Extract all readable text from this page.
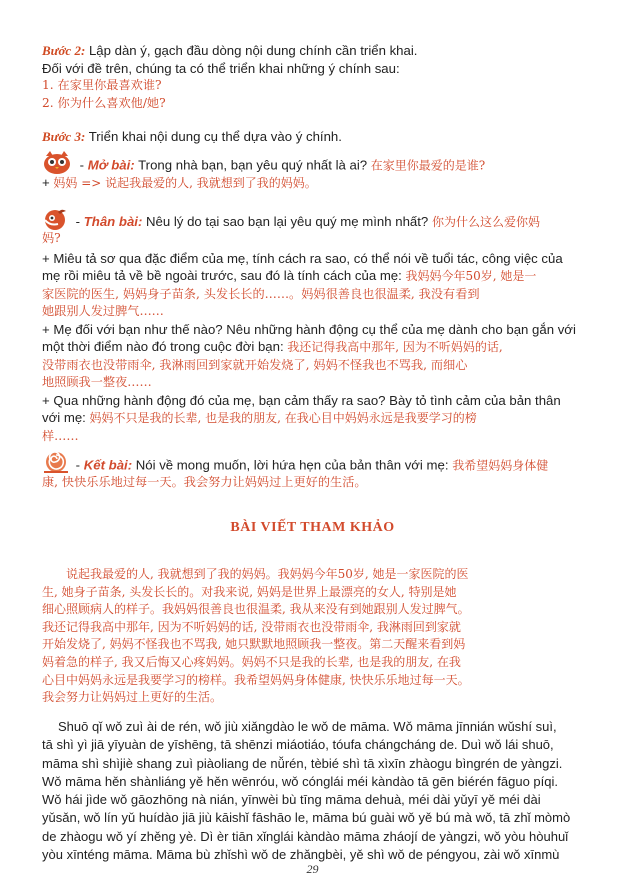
Bước 2: Lập dàn ý, gạch đầu dòng nội dung chính cần triển khai.
Đối với đề trên, chúng ta có thể triển khai những ý chính sau:
1. 在家里你最喜欢谁?
2. 你为什么喜欢他/她?
Bước 3: Triển khai nội dung cụ thể dựa vào ý chính.
- Mở bài: Trong nhà bạn, bạn yêu quý nhất là ai? 在家里你最爱的是谁?
+ 妈妈 => 说起我最爱的人, 我就想到了我的妈妈。
- Thân bài: Nêu lý do tại sao bạn lại yêu quý mẹ mình nhất? 你为什么这么爱你妈
妈?
+ Miêu tả sơ qua đặc điểm của mẹ, tính cách ra sao, có thể nói về tuổi tác, công việc của
mẹ rồi miêu tả về bề ngoài trước, sau đó là tính cách của mẹ: 我妈妈今年50岁, 她是一
家医院的医生, 妈妈身子苗条, 头发长长的……。妈妈很善良也很温柔, 我没有看到
她跟别人发过脾气……
+ Mẹ đối với bạn như thế nào? Nêu những hành động cụ thể của mẹ dành cho bạn gắn với
một thời điểm nào đó trong cuộc đời bạn: 我还记得我高中那年, 因为不听妈妈的话,
没带雨衣也没带雨伞, 我淋雨回到家就开始发烧了, 妈妈不怪我也不骂我, 而细心
地照顾我一整夜……
+ Qua những hành động đó của mẹ, bạn cảm thấy ra sao? Bày tỏ tình cảm của bản thân
với mẹ: 妈妈不只是我的长辈, 也是我的朋友, 在我心目中妈妈永远是我要学习的榜
样……
- Kết bài: Nói về mong muốn, lời hứa hẹn của bản thân với mẹ: 我希望妈妈身体健
康, 快快乐乐地过每一天。我会努力让妈妈过上更好的生活。
BÀI VIẾT THAM KHẢO
说起我最爱的人, 我就想到了我的妈妈。我妈妈今年50岁, 她是一家医院的医
生, 她身子苗条, 头发长长的。对我来说, 妈妈是世界上最漂亮的女人, 特别是她
细心照顾病人的样子。我妈妈很善良也很温柔, 我从来没有到她跟别人发过脾气。
我还记得我高中那年, 因为不听妈妈的话, 没带雨衣也没带雨伞, 我淋雨回到家就
开始发烧了, 妈妈不怪我也不骂我, 她只默默地照顾我一整夜。第二天醒来看到妈
妈着急的样子, 我又后悔又心疼妈妈。妈妈不只是我的长辈, 也是我的朋友, 在我
心目中妈妈永远是我要学习的榜样。我希望妈妈身体健康, 快快乐乐地过每一天。
我会努力让妈妈过上更好的生活。
Shuō qǐ wǒ zuì ài de rén, wǒ jiù xiǎngdào le wǒ de māma. Wǒ māma jīnnián wǔshí suì,
tā shì yì jiā yīyuàn de yīshēng, tā shēnzi miáotiáo, tóufa chángcháng de. Duì wǒ lái shuō,
māma shì shìjiè shang zuì piàoliang de nǚrén, tèbié shì tā xìxīn zhàogu bìngrén de yàngzi.
Wǒ māma hěn shànliáng yě hěn wēnróu, wǒ cónglái méi kàndào tā gēn biérén fāguo píqi.
Wǒ hái jìde wǒ gāozhōng nà nián, yīnwèi bù tīng māma dehuà, méi dài yǔyī yě méi dài
yǔsǎn, wǒ lín yǔ huídào jiā jiù kāishǐ fāshāo le, māma bú guài wǒ yě bú mà wǒ, tā zhǐ mòmò
de zhàogu wǒ yí zhěng yè. Dì èr tiān xǐnglái kàndào māma zháojí de yàngzi, wǒ yòu hòuhuǐ
yòu xīnténg māma. Māma bù zhǐshì wǒ de zhǎngbèi, yě shì wǒ de péngyou, zài wǒ xīnmù
29
